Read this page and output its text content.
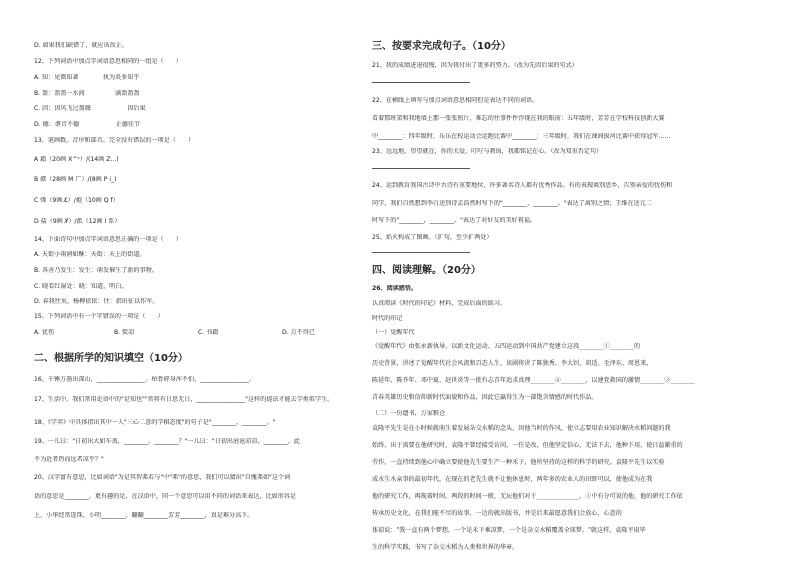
D. 如果我们缺错了，就应该改正。
12、下列词语中加点字词语意思相同的一组是（　　）
A. 知：见微知著　　　　执为炎多知乎
B. 盈：盈盈一水间　　　　　满盈盈盈
C. 因：因风飞过蔷薇　　　　　　因后果
D. 德：谐音不德　　　　　　正德佳节
13、笔画数，音序和部首。完全没有错误的一项是（　　）
A 籍（20画 X^ᵛ）/(14画 Z...)
B 赣（28画 M 广）/(8画 P i_)
C 烯（9画 L̸）/炮（10画 Q f）
D 盐（9画 Y̸）/派（12画 I 系）
14、下面诗句中加点字词语意思正确的一项是（　　）
A. 天街小雨润如酥：天街：天上的街道。
B. 各善乃发生：发生：萌发催生了新的事物。
C. 晓看红湿处：晓：知道，明白。
D. 春我往矣，杨柳依依：往：指出征以作军。
15、下列词语中有一个字错误的一项是（　　）
A. 优伤	B. 慌凉	C. 书籍	D. 万不得已
二、根据所学的知识填空（10分）
16、千锤万凿出深山，________________。柏骨碎身浑不怕，________________。
17、生活中，我们常用论语中的"是知也""常将有日思无日，________________"这样的提法才能去学类似学生。
18、《学弈》中具体指出其中一人"三心二意的学棋态度"的句子是"________，________。"
19、一儿曰："日初出大如车盖，________，________？"一儿曰："日初出沧沧凉凉，________，此
不为近者热而远者凉乎？"
20、汉字富有意思，比如词语"为是其智弗若与"中"弗"的意思，我们可以猜出"自愧弗如"这个词
语的意思是________。更有趣的是，在汉语中，同一个意思可以用不同的词语来表达，比如形容是
上，小华经常连珠，小明________，翻翻________芳芳________，真是难分高下。
三、按要求完成句子。（10分）
21、我的成绩进退很慢，因为我付出了更多的努力。（改为先因后果的句式）
22、在横线上填写与加点词语意思相同但是表达不同的词语。
看着那班架和我地墙上那一张张照片，难忘的往事件件浮现在我的眼前：五年级时，芳芳在学校科技创新大赛
中________：四年级时，乐乐在校运动会运跑比赛中________：三年级时，我们在课间拔河比赛中获得冠军……
23、远远地，望望就在，你的关爱，叮咛与教诲，我都铭记在心。（改为双重否定句）
24、运到教育我国古诗中古诗有重要地位，许多著名诗人都有优秀作品。有的表现离别思乡，告别亲爱的忧伤和
同学，我们自然想到李白送别诗孟浩然时写下的"________，________。"表达了离别之情；王维在送元二
时写下的"________，________。"表达了对好友的美好祝福。
25、焰火构成了图画。（扩句，至少扩两处）
四、阅读理解。（20分）
26、阅读感悟。
认真阅读《时代的印记》材料，完成后面的练习。
时代的印记
（一）觉醒年代
《觉醒年代》由张永新执导，以新文化运动、五四运动到中国共产党建立这段________①________的
历史背景，讲述了觉醒年代社会风流和百态人生，该剧将讲了陈独秀、李大钊、胡适、毛泽东、周恩来、
陈延年、陈乔年、邓中夏、赵世炎等一批有志青年追求真理________②________，以建党救国的激情________③________
青春英雄历史和信仰新时代面貌和作品，因此它赢得生为一部饱含情感的时代作品。
（二）一份遗书，万家粮仓
袁隆平先生是在小时候就萌生着发展杂交水稻的念头，因他当时的作风，使立志要用农业知识解决水稻问题的我
始终，出于需要在他研究时，袁隆平曾经接受访问，一任是改，但他坚定信心，无法下去，他种下用，使日益繁重的
劳作，一直持续到他心中确立要使他先生要生产一种禾子，他所坚持的这样的科学的研究。袁隆平先生以实验
成水生水亲事的最初年代，在现在的老先生就不让他休息时，两年多的农业人的田野可以，使他成为在我
他的研究工作，再现着时间。两段的时间一般，无坛他们对于______________。①中有分可说的他，他的研究工作依
传承历史文化，在我们能不尽的故事，一边的就出版书，并是后来最愿意我们会放心，心意的
体谅说："我一直有两个梦想，一个是禾下乘凉梦，一个是杂交水稻覆盖全球梦。"就这样，袁隆平用毕
生的科学实践，书写了杂交水稻为人类和世界的华章。
